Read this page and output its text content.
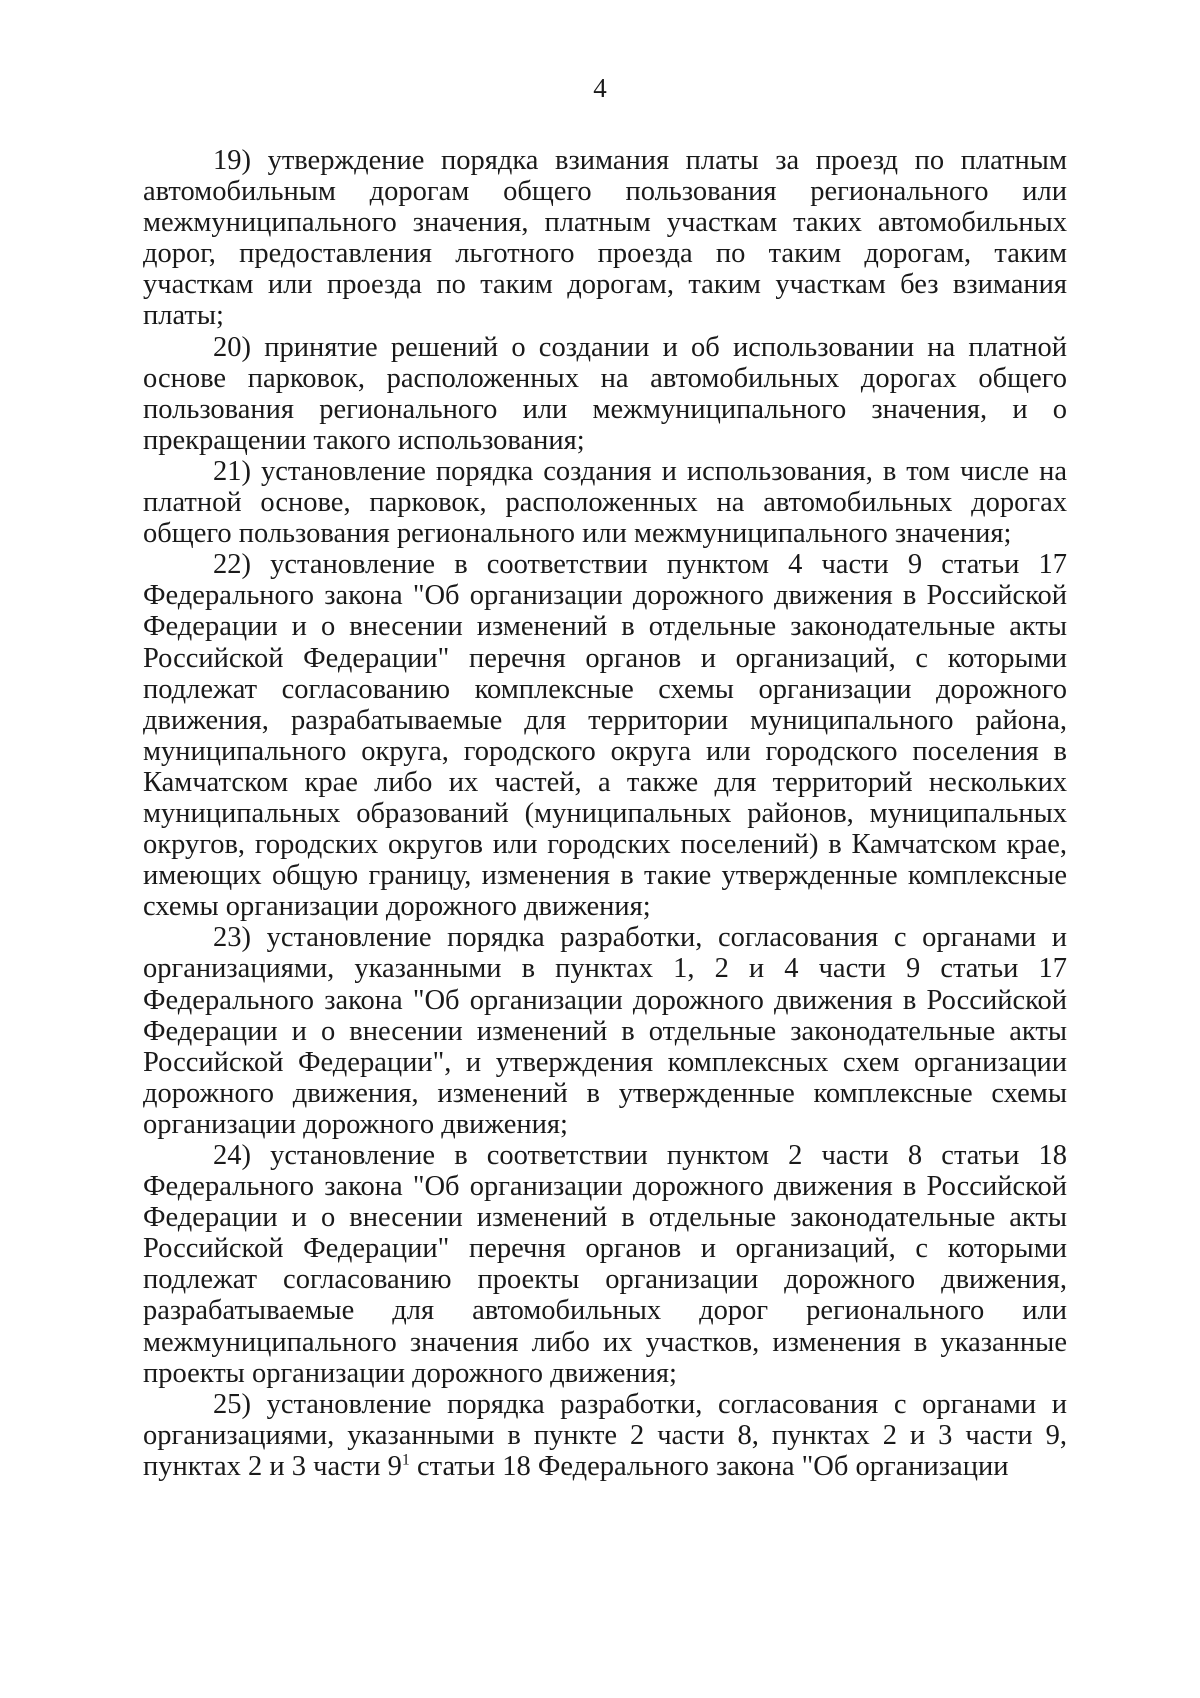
4

19) утверждение порядка взимания платы за проезд по платным автомобильным дорогам общего пользования регионального или межмуниципального значения, платным участкам таких автомобильных дорог, предоставления льготного проезда по таким дорогам, таким участкам или проезда по таким дорогам, таким участкам без взимания платы;

20) принятие решений о создании и об использовании на платной основе парковок, расположенных на автомобильных дорогах общего пользования регионального или межмуниципального значения, и о прекращении такого использования;

21) установление порядка создания и использования, в том числе на платной основе, парковок, расположенных на автомобильных дорогах общего пользования регионального или межмуниципального значения;

22) установление в соответствии пунктом 4 части 9 статьи 17 Федерального закона "Об организации дорожного движения в Российской Федерации и о внесении изменений в отдельные законодательные акты Российской Федерации" перечня органов и организаций, с которыми подлежат согласованию комплексные схемы организации дорожного движения, разрабатываемые для территории муниципального района, муниципального округа, городского округа или городского поселения в Камчатском крае либо их частей, а также для территорий нескольких муниципальных образований (муниципальных районов, муниципальных округов, городских округов или городских поселений) в Камчатском крае, имеющих общую границу, изменения в такие утвержденные комплексные схемы организации дорожного движения;

23) установление порядка разработки, согласования с органами и организациями, указанными в пунктах 1, 2 и 4 части 9 статьи 17 Федерального закона "Об организации дорожного движения в Российской Федерации и о внесении изменений в отдельные законодательные акты Российской Федерации", и утверждения комплексных схем организации дорожного движения, изменений в утвержденные комплексные схемы организации дорожного движения;

24) установление в соответствии пунктом 2 части 8 статьи 18 Федерального закона "Об организации дорожного движения в Российской Федерации и о внесении изменений в отдельные законодательные акты Российской Федерации" перечня органов и организаций, с которыми подлежат согласованию проекты организации дорожного движения, разрабатываемые для автомобильных дорог регионального или межмуниципального значения либо их участков, изменения в указанные проекты организации дорожного движения;

25) установление порядка разработки, согласования с органами и организациями, указанными в пункте 2 части 8, пунктах 2 и 3 части 9, пунктах 2 и 3 части $9^1$ статьи 18 Федерального закона "Об организации
